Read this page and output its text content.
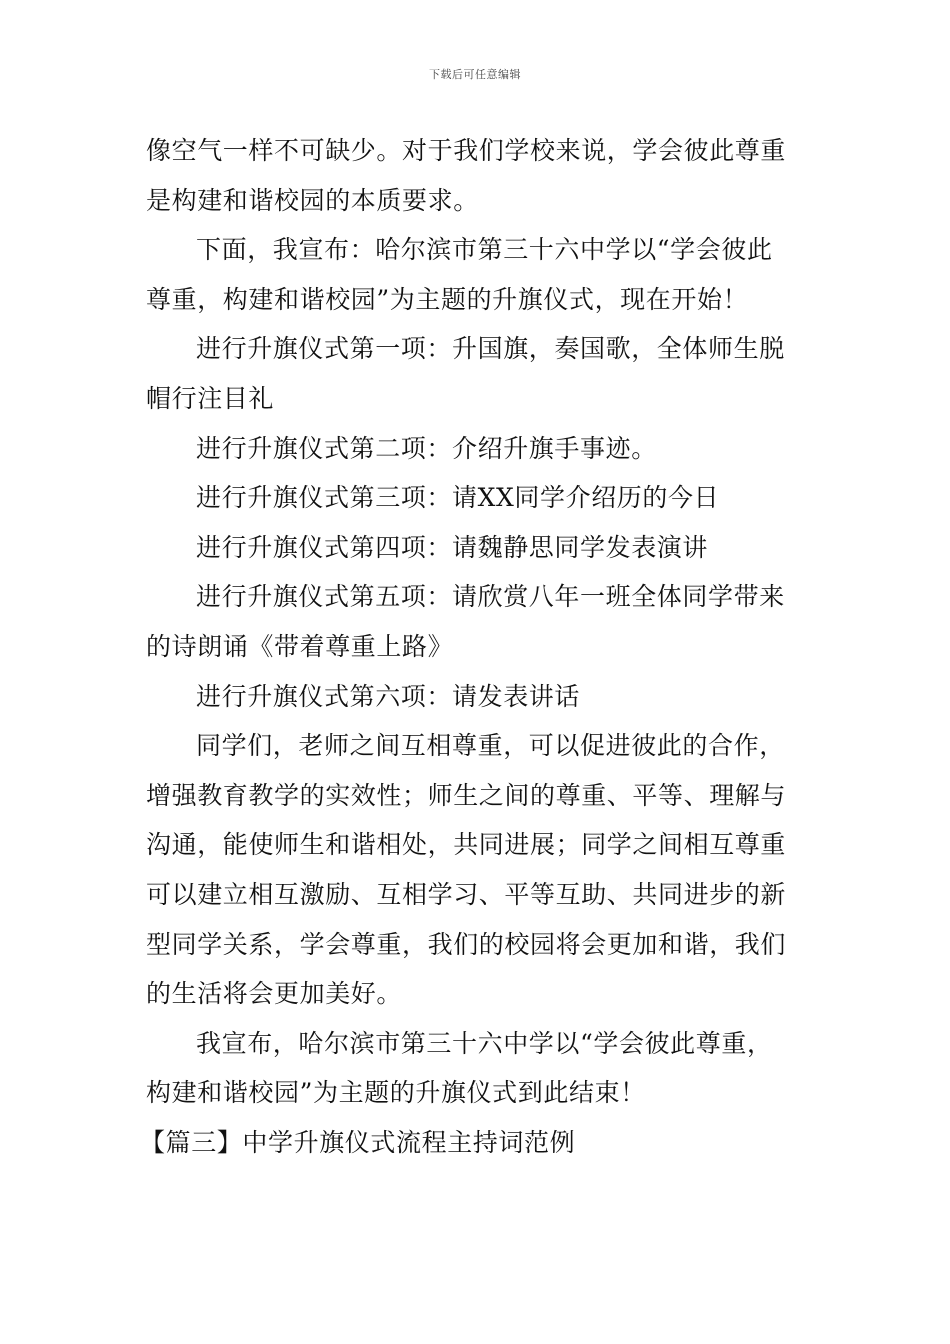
下载后可任意编辑
像空气一样不可缺少。对于我们学校来说，学会彼此尊重
是构建和谐校园的本质要求。
下面，我宣布：哈尔滨市第三十六中学以“学会彼此
尊重，构建和谐校园”为主题的升旗仪式，现在开始！
进行升旗仪式第一项：升国旗，奏国歌，全体师生脱
帽行注目礼
进行升旗仪式第二项：介绍升旗手事迹。
进行升旗仪式第三项：请XX同学介绍历的今日
进行升旗仪式第四项：请魏静思同学发表演讲
进行升旗仪式第五项：请欣赏八年一班全体同学带来
的诗朗诵《带着尊重上路》
进行升旗仪式第六项：请发表讲话
同学们，老师之间互相尊重，可以促进彼此的合作，
增强教育教学的实效性；师生之间的尊重、平等、理解与
沟通，能使师生和谐相处，共同进展；同学之间相互尊重
可以建立相互激励、互相学习、平等互助、共同进步的新
型同学关系，学会尊重，我们的校园将会更加和谐，我们
的生活将会更加美好。
我宣布，哈尔滨市第三十六中学以“学会彼此尊重，
构建和谐校园”为主题的升旗仪式到此结束！
【篇三】中学升旗仪式流程主持词范例
